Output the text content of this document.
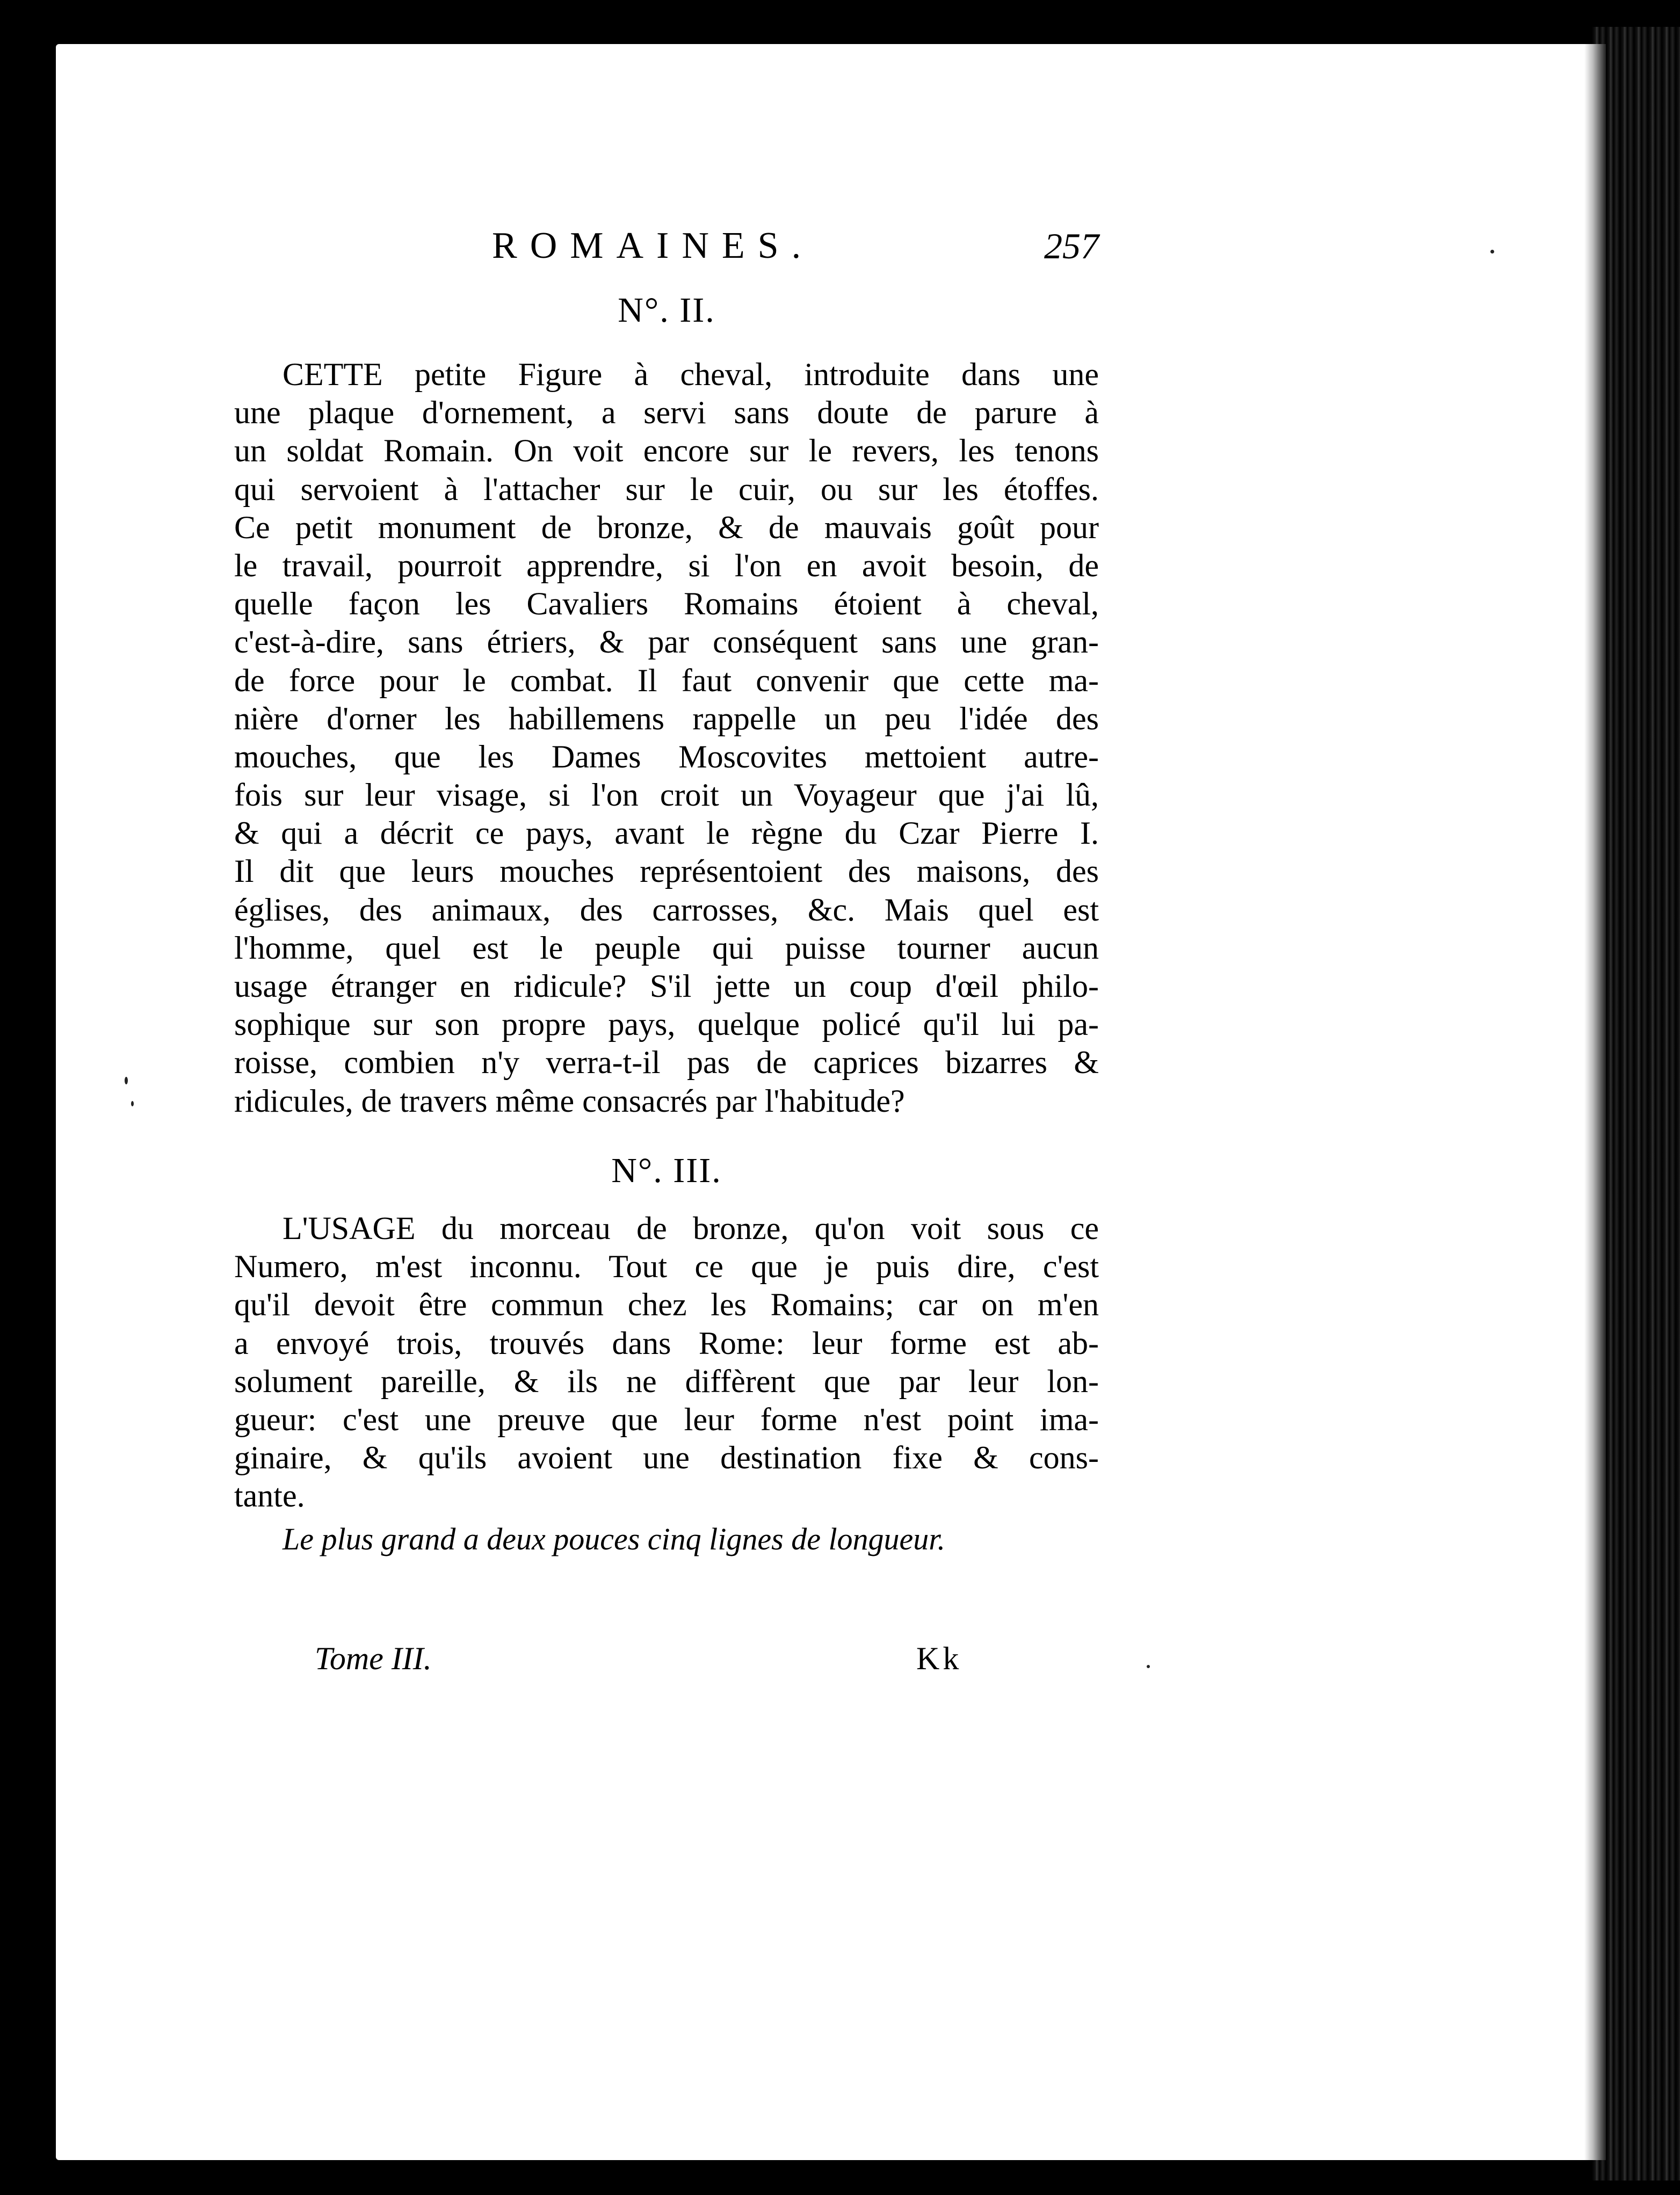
ROMAINES.	257
N°. II.
CETTE petite Figure à cheval, introduite dans une
une plaque d'ornement, a servi sans doute de parure à
un soldat Romain. On voit encore sur le revers, les tenons
qui servoient à l'attacher sur le cuir, ou sur les étoffes.
Ce petit monument de bronze, & de mauvais goût pour
le travail, pourroit apprendre, si l'on en avoit besoin, de
quelle façon les Cavaliers Romains étoient à cheval,
c'est-à-dire, sans étriers, & par conséquent sans une gran-
de force pour le combat. Il faut convenir que cette ma-
nière d'orner les habillemens rappelle un peu l'idée des
mouches, que les Dames Moscovites mettoient autre-
fois sur leur visage, si l'on croit un Voyageur que j'ai lû,
& qui a décrit ce pays, avant le règne du Czar Pierre I.
Il dit que leurs mouches représentoient des maisons, des
églises, des animaux, des carrosses, &c. Mais quel est
l'homme, quel est le peuple qui puisse tourner aucun
usage étranger en ridicule? S'il jette un coup d'œil philo-
sophique sur son propre pays, quelque policé qu'il lui pa-
roisse, combien n'y verra-t-il pas de caprices bizarres &
ridicules, de travers même consacrés par l'habitude?
N°. III.
L'USAGE du morceau de bronze, qu'on voit sous ce
Numero, m'est inconnu. Tout ce que je puis dire, c'est
qu'il devoit être commun chez les Romains; car on m'en
a envoyé trois, trouvés dans Rome: leur forme est ab-
solument pareille, & ils ne diffèrent que par leur lon-
gueur: c'est une preuve que leur forme n'est point ima-
ginaire, & qu'ils avoient une destination fixe & cons-
tante.
Le plus grand a deux pouces cinq lignes de longueur.
Tome III.	Kk
